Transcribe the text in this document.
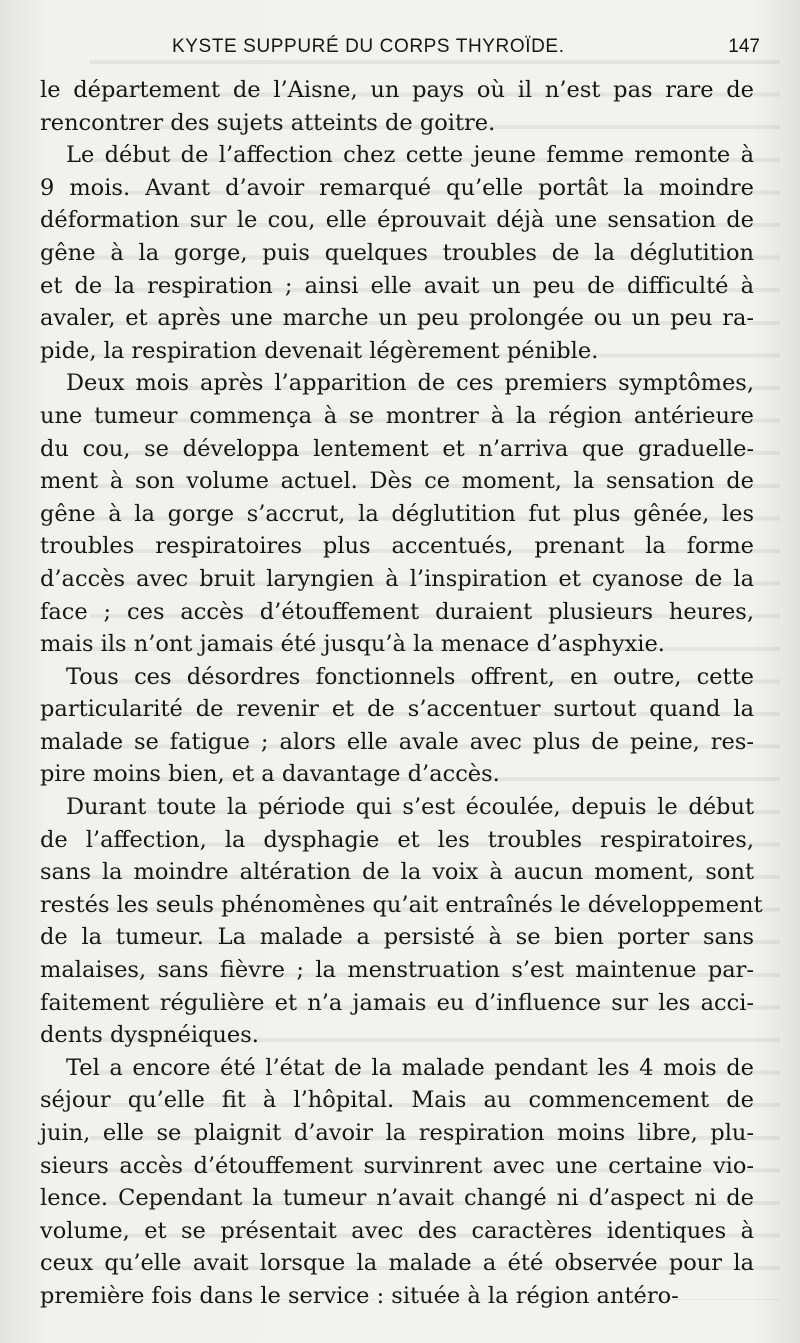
KYSTE SUPPURÉ DU CORPS THYROÏDE.	147
le département de l’Aisne, un pays où il n’est pas rare de
rencontrer des sujets atteints de goitre.
Le début de l’affection chez cette jeune femme remonte à
9 mois. Avant d’avoir remarqué qu’elle portât la moindre
déformation sur le cou, elle éprouvait déjà une sensation de
gêne à la gorge, puis quelques troubles de la déglutition
et de la respiration ; ainsi elle avait un peu de difficulté à
avaler, et après une marche un peu prolongée ou un peu ra-
pide, la respiration devenait légèrement pénible.
Deux mois après l’apparition de ces premiers symptômes,
une tumeur commença à se montrer à la région antérieure
du cou, se développa lentement et n’arriva que graduelle-
ment à son volume actuel. Dès ce moment, la sensation de
gêne à la gorge s’accrut, la déglutition fut plus gênée, les
troubles respiratoires plus accentués, prenant la forme
d’accès avec bruit laryngien à l’inspiration et cyanose de la
face ; ces accès d’étouffement duraient plusieurs heures,
mais ils n’ont jamais été jusqu’à la menace d’asphyxie.
Tous ces désordres fonctionnels offrent, en outre, cette
particularité de revenir et de s’accentuer surtout quand la
malade se fatigue ; alors elle avale avec plus de peine, res-
pire moins bien, et a davantage d’accès.
Durant toute la période qui s’est écoulée, depuis le début
de l’affection, la dysphagie et les troubles respiratoires,
sans la moindre altération de la voix à aucun moment, sont
restés les seuls phénomènes qu’ait entraînés le développement
de la tumeur. La malade a persisté à se bien porter sans
malaises, sans fièvre ; la menstruation s’est maintenue par-
faitement régulière et n’a jamais eu d’influence sur les acci-
dents dyspnéiques.
Tel a encore été l’état de la malade pendant les 4 mois de
séjour qu’elle fit à l’hôpital. Mais au commencement de
juin, elle se plaignit d’avoir la respiration moins libre, plu-
sieurs accès d’étouffement survinrent avec une certaine vio-
lence. Cependant la tumeur n’avait changé ni d’aspect ni de
volume, et se présentait avec des caractères identiques à
ceux qu’elle avait lorsque la malade a été observée pour la
première fois dans le service : située à la région antéro-
